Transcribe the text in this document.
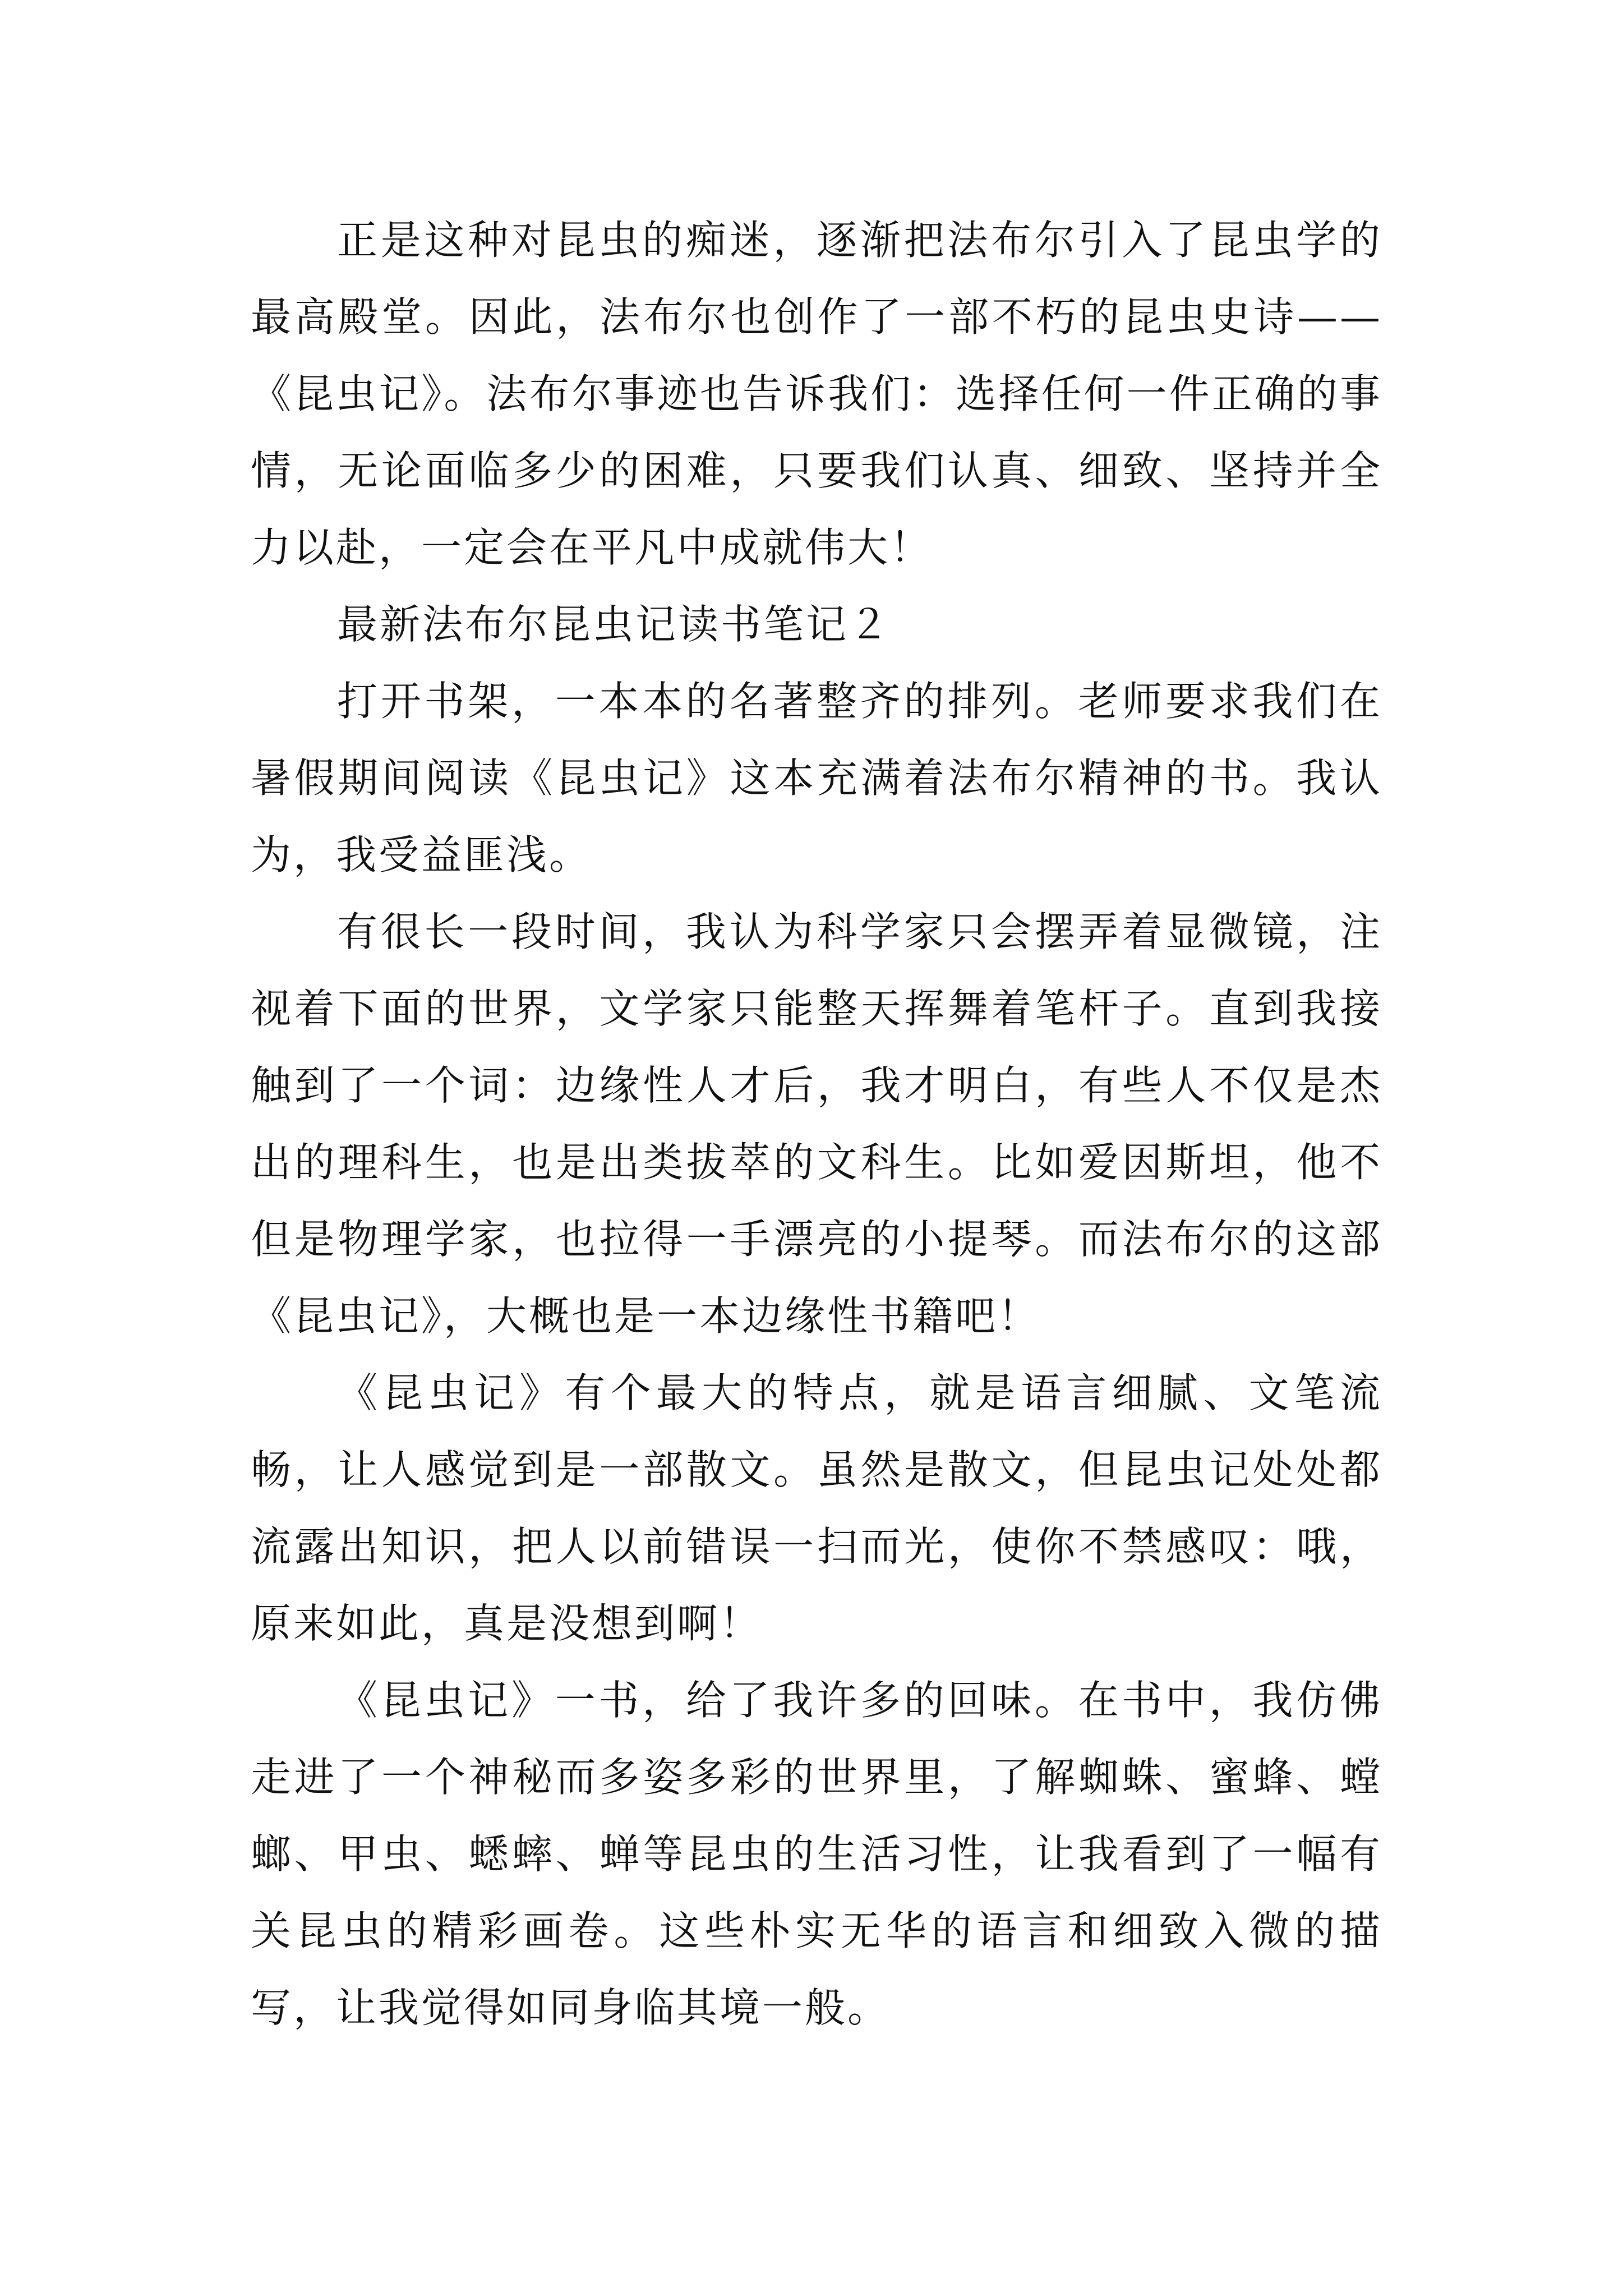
正是这种对昆虫的痴迷，逐渐把法布尔引入了昆虫学的最高殿堂。因此，法布尔也创作了一部不朽的昆虫史诗——《昆虫记》。法布尔事迹也告诉我们：选择任何一件正确的事情，无论面临多少的困难，只要我们认真、细致、坚持并全力以赴，一定会在平凡中成就伟大！

最新法布尔昆虫记读书笔记２

打开书架，一本本的名著整齐的排列。老师要求我们在暑假期间阅读《昆虫记》这本充满着法布尔精神的书。我认为，我受益匪浅。

有很长一段时间，我认为科学家只会摆弄着显微镜，注视着下面的世界，文学家只能整天挥舞着笔杆子。直到我接触到了一个词：边缘性人才后，我才明白，有些人不仅是杰出的理科生，也是出类拔萃的文科生。比如爱因斯坦，他不但是物理学家，也拉得一手漂亮的小提琴。而法布尔的这部《昆虫记》，大概也是一本边缘性书籍吧！

《昆虫记》有个最大的特点，就是语言细腻、文笔流畅，让人感觉到是一部散文。虽然是散文，但昆虫记处处都流露出知识，把人以前错误一扫而光，使你不禁感叹：哦，原来如此，真是没想到啊！

《昆虫记》一书，给了我许多的回味。在书中，我仿佛走进了一个神秘而多姿多彩的世界里，了解蜘蛛、蜜蜂、螳螂、甲虫、蟋蟀、蝉等昆虫的生活习性，让我看到了一幅有关昆虫的精彩画卷。这些朴实无华的语言和细致入微的描写，让我觉得如同身临其境一般。
